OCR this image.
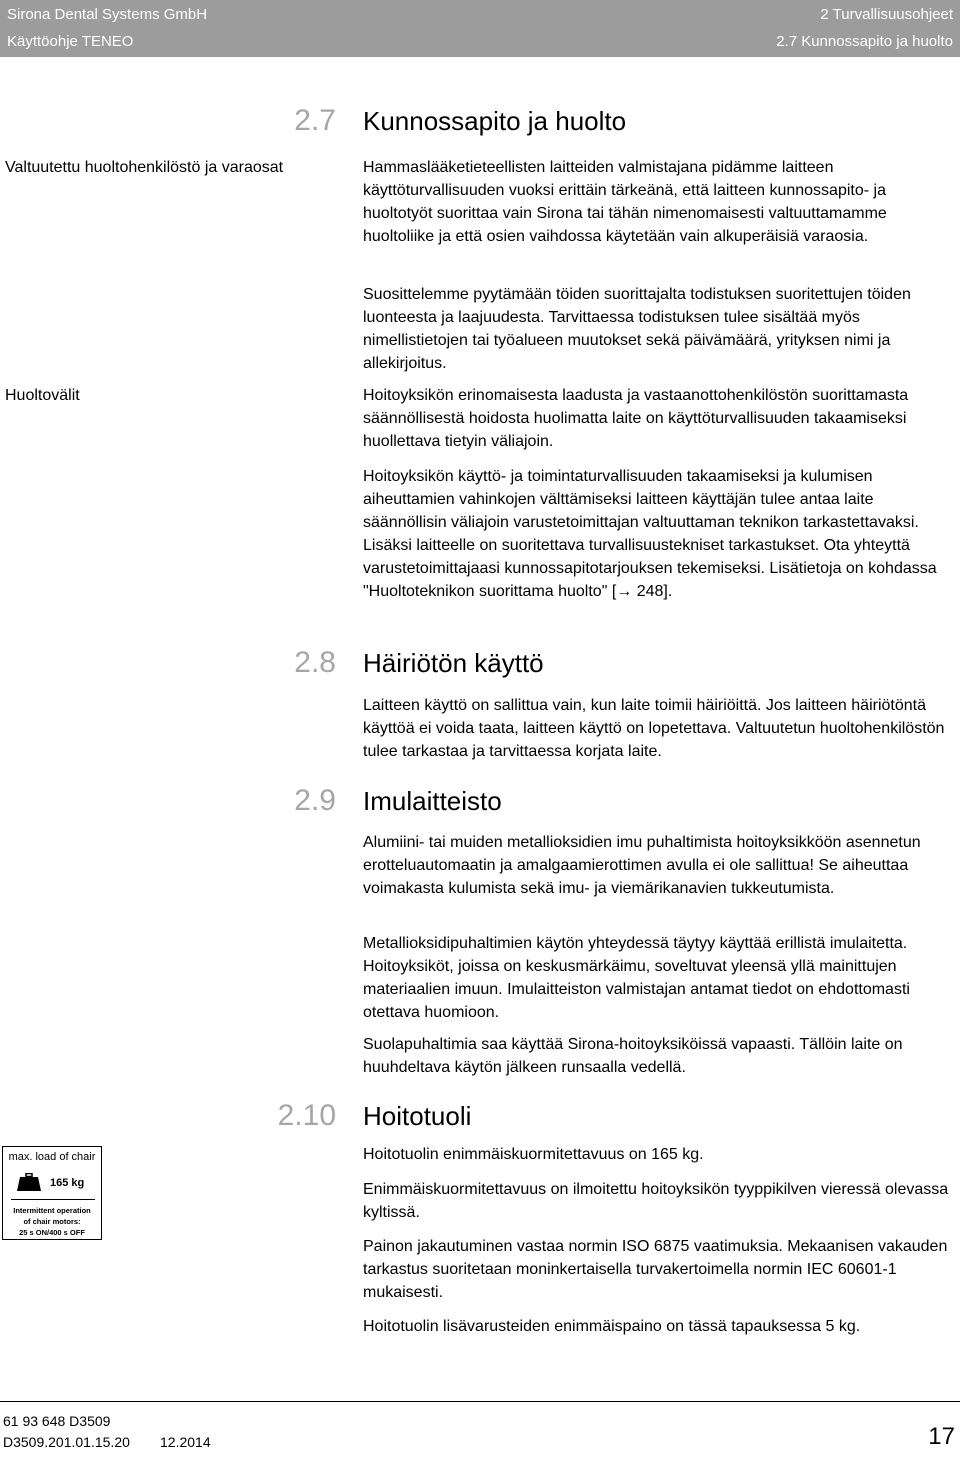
Sirona Dental Systems GmbH
Käyttöohje TENEO
2 Turvallisuusohjeet
2.7 Kunnossapito ja huolto
2.7 Kunnossapito ja huolto
Valtuutettu huoltohenkilöstö ja varaosat	Hammaslääketieteellisten laitteiden valmistajana pidämme laitteen käyttöturvallisuuden vuoksi erittäin tärkeänä, että laitteen kunnossapito- ja huoltotyöt suorittaa vain Sirona tai tähän nimenomaisesti valtuuttamamme huoltoliike ja että osien vaihdossa käytetään vain alkuperäisiä varaosia.

Suosittelemme pyytämään töiden suorittajalta todistuksen suoritettujen töiden luonteesta ja laajuudesta. Tarvittaessa todistuksen tulee sisältää myös nimellistietojen tai työalueen muutokset sekä päivämäärä, yrityksen nimi ja allekirjoitus.

Huoltovälit	Hoitoyksikön erinomaisesta laadusta ja vastaanottohenkilöstön suorittamasta säännöllisestä hoidosta huolimatta laite on käyttöturvallisuuden takaamiseksi huollettava tietyin väliajoin.

Hoitoyksikön käyttö- ja toimintaturvallisuuden takaamiseksi ja kulumisen aiheuttamien vahinkojen välttämiseksi laitteen käyttäjän tulee antaa laite säännöllisin väliajoin varustetoimittajan valtuuttaman teknikon tarkastettavaksi. Lisäksi laitteelle on suoritettava turvallisuustekniset tarkastukset. Ota yhteyttä varustetoimittajaasi kunnossapitotarjouksen tekemiseksi. Lisätietoja on kohdassa "Huoltoteknikon suorittama huolto" [→ 248].

2.8 Häiriötön käyttö

Laitteen käyttö on sallittua vain, kun laite toimii häiriöittä. Jos laitteen häiriötöntä käyttöä ei voida taata, laitteen käyttö on lopetettava. Valtuutetun huoltohenkilöstön tulee tarkastaa ja tarvittaessa korjata laite.

2.9 Imulaitteisto

Alumiini- tai muiden metallioksidien imu puhaltimista hoitoyksikköön asennetun erotteluautomaatin ja amalgaamierottimen avulla ei ole sallittua! Se aiheuttaa voimakasta kulumista sekä imu- ja viemärikanavien tukkeutumista.

Metallioksidipuhaltimien käytön yhteydessä täytyy käyttää erillistä imulaitetta. Hoitoyksiköt, joissa on keskusmärkäimu, soveltuvat yleensä yllä mainittujen materiaalien imuun. Imulaitteiston valmistajan antamat tiedot on ehdottomasti otettava huomioon.

Suolapuhaltimia saa käyttää Sirona-hoitoyksiköissä vapaasti. Tällöin laite on huuhdeltava käytön jälkeen runsaalla vedellä.

2.10 Hoitotuoli

Hoitotuolin enimmäiskuormitettavuus on 165 kg.

Enimmäiskuormitettavuus on ilmoitettu hoitoyksikön tyyppikilven vieressä olevassa kyltissä.

Painon jakautuminen vastaa normin ISO 6875 vaatimuksia. Mekaanisen vakauden tarkastus suoritetaan moninkertaisella turvakertoimella normin IEC 60601-1 mukaisesti.

Hoitotuolin lisävarusteiden enimmäispaino on tässä tapauksessa 5 kg.

max. load of chair
165 kg
Intermittent operation
of chair motors:
25 s ON/400 s OFF
61 93 648 D3509
D3509.201.01.15.20 12.2014	17
